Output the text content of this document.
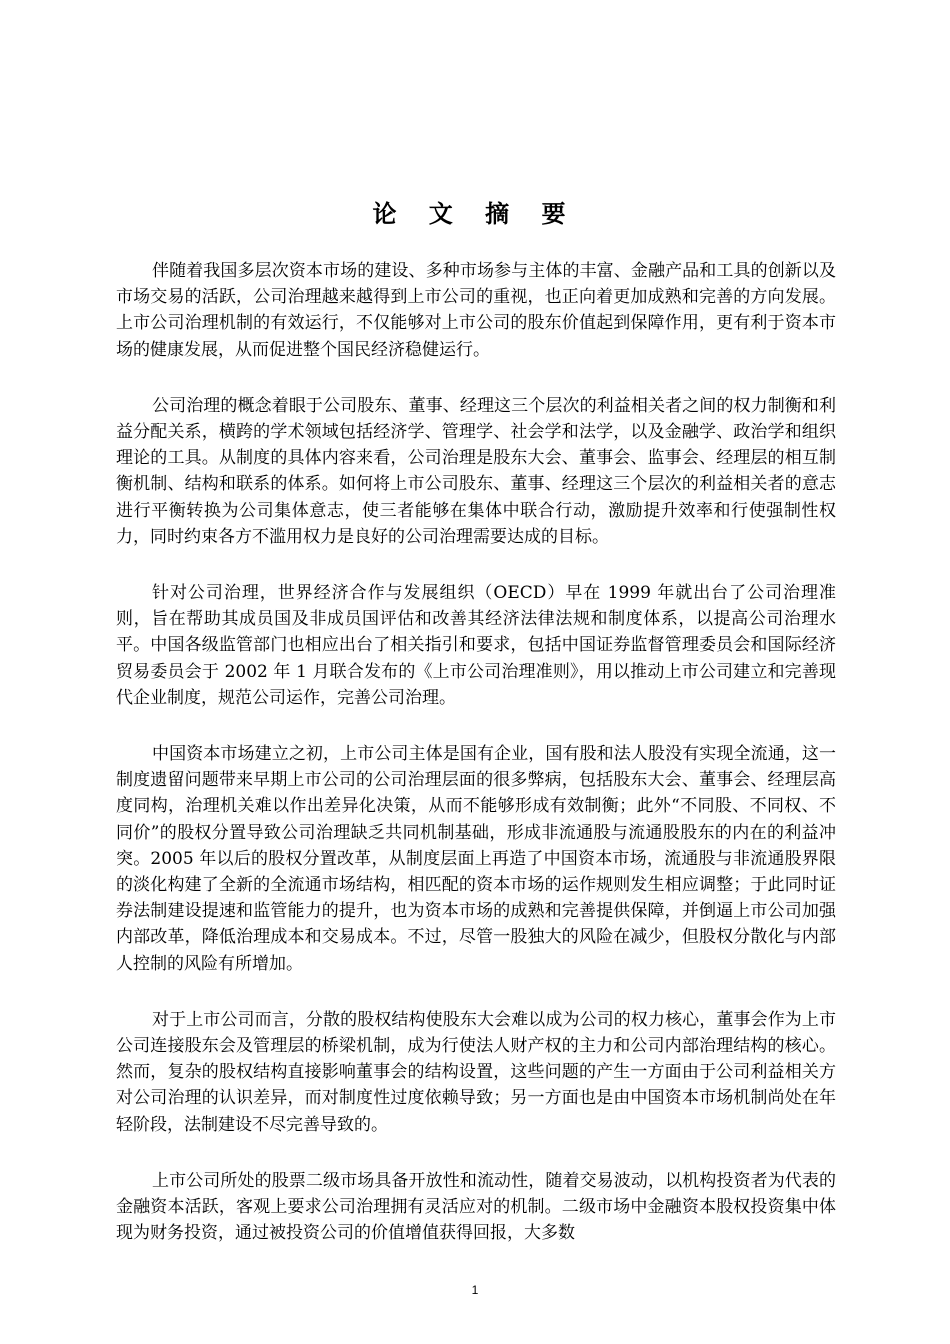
论 文 摘 要

伴随着我国多层次资本市场的建设、多种市场参与主体的丰富、金融产品和工具的创新以及市场交易的活跃，公司治理越来越得到上市公司的重视，也正向着更加成熟和完善的方向发展。上市公司治理机制的有效运行，不仅能够对上市公司的股东价值起到保障作用，更有利于资本市场的健康发展，从而促进整个国民经济稳健运行。

公司治理的概念着眼于公司股东、董事、经理这三个层次的利益相关者之间的权力制衡和利益分配关系，横跨的学术领域包括经济学、管理学、社会学和法学，以及金融学、政治学和组织理论的工具。从制度的具体内容来看，公司治理是股东大会、董事会、监事会、经理层的相互制衡机制、结构和联系的体系。如何将上市公司股东、董事、经理这三个层次的利益相关者的意志进行平衡转换为公司集体意志，使三者能够在集体中联合行动，激励提升效率和行使强制性权力，同时约束各方不滥用权力是良好的公司治理需要达成的目标。

针对公司治理，世界经济合作与发展组织（OECD）早在 1999 年就出台了公司治理准则，旨在帮助其成员国及非成员国评估和改善其经济法律法规和制度体系，以提高公司治理水平。中国各级监管部门也相应出台了相关指引和要求，包括中国证券监督管理委员会和国际经济贸易委员会于 2002 年 1 月联合发布的《上市公司治理准则》，用以推动上市公司建立和完善现代企业制度，规范公司运作，完善公司治理。

中国资本市场建立之初，上市公司主体是国有企业，国有股和法人股没有实现全流通，这一制度遗留问题带来早期上市公司的公司治理层面的很多弊病，包括股东大会、董事会、经理层高度同构，治理机关难以作出差异化决策，从而不能够形成有效制衡；此外“不同股、不同权、不同价”的股权分置导致公司治理缺乏共同机制基础，形成非流通股与流通股股东的内在的利益冲突。2005 年以后的股权分置改革，从制度层面上再造了中国资本市场，流通股与非流通股界限的淡化构建了全新的全流通市场结构，相匹配的资本市场的运作规则发生相应调整；于此同时证券法制建设提速和监管能力的提升，也为资本市场的成熟和完善提供保障，并倒逼上市公司加强内部改革，降低治理成本和交易成本。不过，尽管一股独大的风险在减少，但股权分散化与内部人控制的风险有所增加。

对于上市公司而言，分散的股权结构使股东大会难以成为公司的权力核心，董事会作为上市公司连接股东会及管理层的桥梁机制，成为行使法人财产权的主力和公司内部治理结构的核心。然而，复杂的股权结构直接影响董事会的结构设置，这些问题的产生一方面由于公司利益相关方对公司治理的认识差异，而对制度性过度依赖导致；另一方面也是由中国资本市场机制尚处在年轻阶段，法制建设不尽完善导致的。

上市公司所处的股票二级市场具备开放性和流动性，随着交易波动，以机构投资者为代表的金融资本活跃，客观上要求公司治理拥有灵活应对的机制。二级市场中金融资本股权投资集中体现为财务投资，通过被投资公司的价值增值获得回报，大多数

1
